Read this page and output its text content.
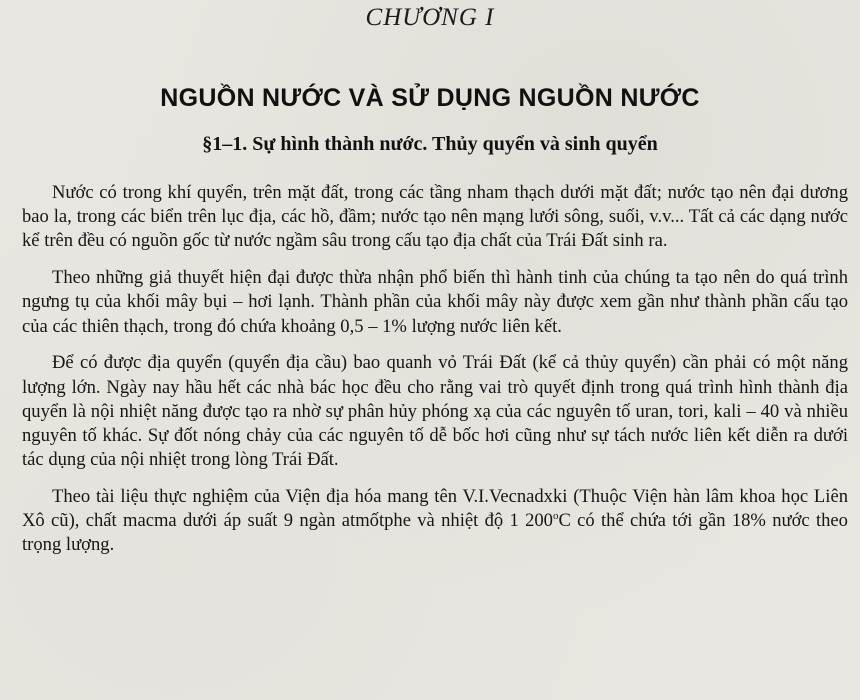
CHƯƠNG I
NGUỒN NƯỚC VÀ SỬ DỤNG NGUỒN NƯỚC
§1–1. Sự hình thành nước. Thủy quyển và sinh quyển

Nước có trong khí quyển, trên mặt đất, trong các tầng nham thạch dưới mặt đất; nước tạo nên đại dương bao la, trong các biển trên lục địa, các hồ, đầm; nước tạo nên mạng lưới sông, suối, v.v... Tất cả các dạng nước kể trên đều có nguồn gốc từ nước ngầm sâu trong cấu tạo địa chất của Trái Đất sinh ra.

Theo những giả thuyết hiện đại được thừa nhận phổ biến thì hành tinh của chúng ta tạo nên do quá trình ngưng tụ của khối mây bụi – hơi lạnh. Thành phần của khối mây này được xem gần như thành phần cấu tạo của các thiên thạch, trong đó chứa khoảng 0,5 – 1% lượng nước liên kết.

Để có được địa quyển (quyển địa cầu) bao quanh vỏ Trái Đất (kể cả thủy quyển) cần phải có một năng lượng lớn. Ngày nay hầu hết các nhà bác học đều cho rằng vai trò quyết định trong quá trình hình thành địa quyển là nội nhiệt năng được tạo ra nhờ sự phân hủy phóng xạ của các nguyên tố uran, tori, kali – 40 và nhiều nguyên tố khác. Sự đốt nóng chảy của các nguyên tố dễ bốc hơi cũng như sự tách nước liên kết diễn ra dưới tác dụng của nội nhiệt trong lòng Trái Đất.

Theo tài liệu thực nghiệm của Viện địa hóa mang tên V.I.Vecnadxki (Thuộc Viện hàn lâm khoa học Liên Xô cũ), chất macma dưới áp suất 9 ngàn atmốtphe và nhiệt độ 1 200$^o$C có thể chứa tới gần 18% nước theo trọng lượng.
